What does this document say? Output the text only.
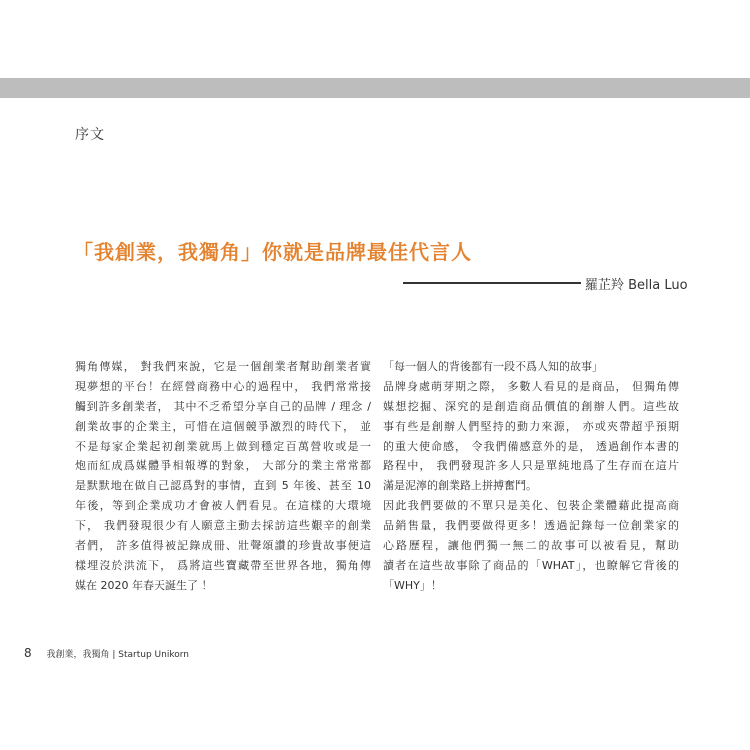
序文
「我創業，我獨角」你就是品牌最佳代言人
羅芷羚 Bella Luo
獨角傳媒， 對我們來說，它是一個創業者幫助創業者實
現夢想的平台！在經營商務中心的過程中， 我們常常接
觸到許多創業者， 其中不乏希望分享自己的品牌 / 理念 /
創業故事的企業主，可惜在這個競爭激烈的時代下， 並
不是每家企業起初創業就馬上做到穩定百萬營收或是一
炮而紅成爲媒體爭相報導的對象， 大部分的業主常常都
是默默地在做自己認爲對的事情，直到 5 年後、甚至 10
年後，等到企業成功才會被人們看見。在這樣的大環境
下， 我們發現很少有人願意主動去採訪這些艱辛的創業
者們， 許多值得被記錄成冊、壯聲頌讚的珍貴故事便這
樣埋沒於洪流下， 爲將這些寶藏帶至世界各地，獨角傳
媒在 2020 年春天誕生了 ！
「每一個人的背後都有一段不爲人知的故事」
品牌身處萌芽期之際， 多數人看見的是商品， 但獨角傳
媒想挖掘、深究的是創造商品價值的創辦人們。這些故
事有些是創辦人們堅持的動力來源， 亦或夾帶超乎預期
的重大使命感， 令我們備感意外的是， 透過創作本書的
路程中， 我們發現許多人只是單純地爲了生存而在這片
滿是泥濘的創業路上拼搏奮鬥。
因此我們要做的不單只是美化、包裝企業體藉此提高商
品銷售量，我們要做得更多！透過記錄每一位創業家的
心路歷程，讓他們獨一無二的故事可以被看見，幫助
讀者在這些故事除了商品的「WHAT」，也瞭解它背後的
「WHY」！
8 我創業，我獨角 | Startup Unikorn
